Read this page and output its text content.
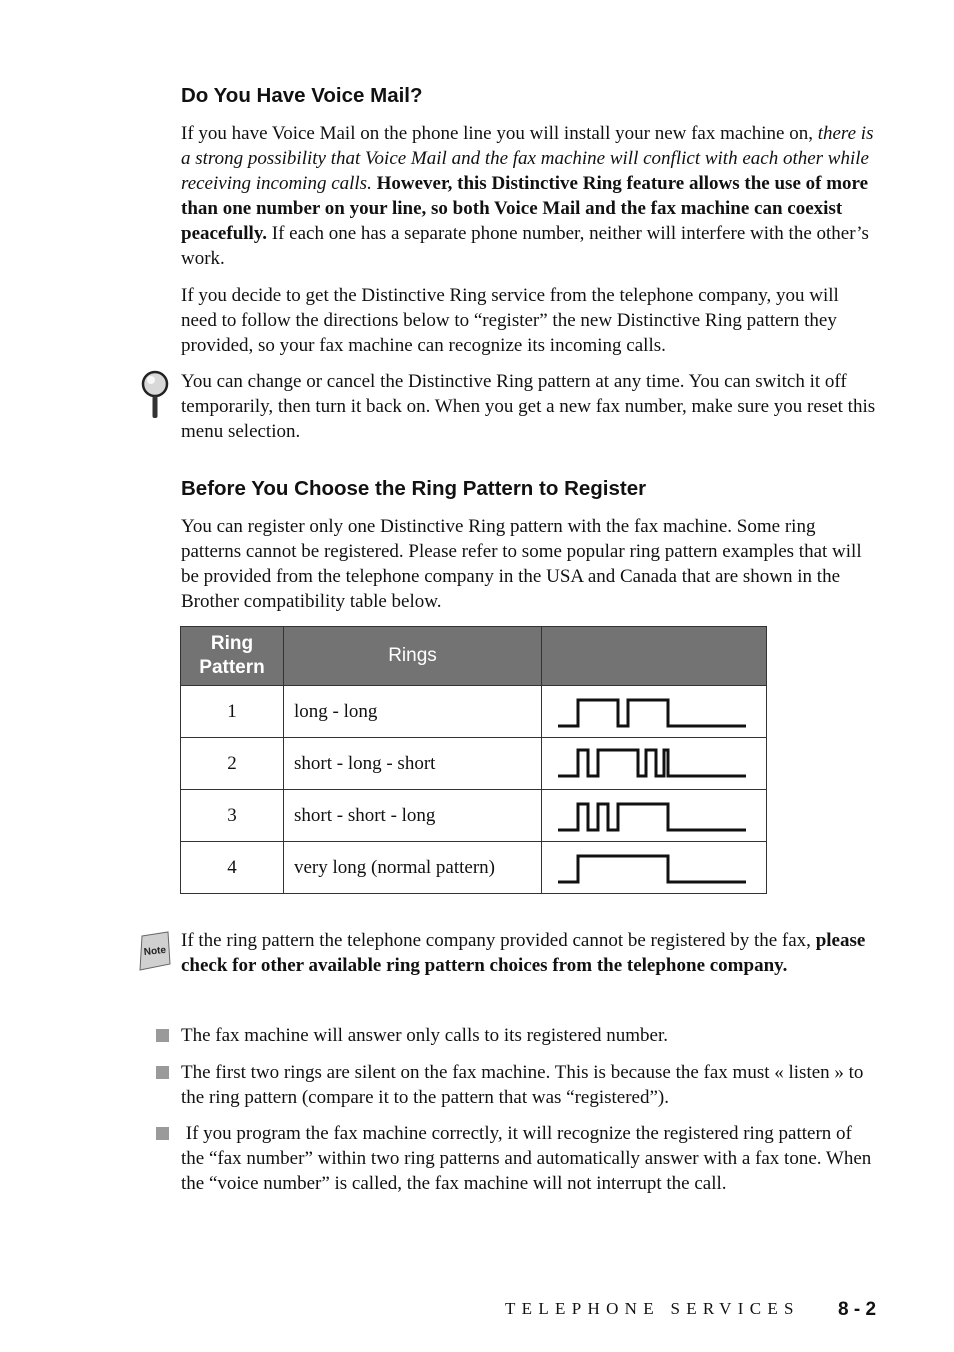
Do You Have Voice Mail?

If you have Voice Mail on the phone line you will install your new fax machine on, there is a strong possibility that Voice Mail and the fax machine will conflict with each other while receiving incoming calls. However, this Distinctive Ring feature allows the use of more than one number on your line, so both Voice Mail and the fax machine can coexist peacefully. If each one has a separate phone number, neither will interfere with the other’s work.

If you decide to get the Distinctive Ring service from the telephone company, you will need to follow the directions below to “register” the new Distinctive Ring pattern they provided, so your fax machine can recognize its incoming calls.

You can change or cancel the Distinctive Ring pattern at any time. You can switch it off temporarily, then turn it back on. When you get a new fax number, make sure you reset this menu selection.

Before You Choose the Ring Pattern to Register

You can register only one Distinctive Ring pattern with the fax machine. Some ring patterns cannot be registered. Please refer to some popular ring pattern examples that will be provided from the telephone company in the USA and Canada that are shown in the Brother compatibility table below.

Ring Pattern	Rings	
1	long - long	

2	short - long - short	

3	short - short - long	

4	very long (normal pattern)	
Note

If the ring pattern the telephone company provided cannot be registered by the fax, please check for other available ring pattern choices from the telephone company.

The fax machine will answer only calls to its registered number.

The first two rings are silent on the fax machine. This is because the fax must « listen » to the ring pattern (compare it to the pattern that was “registered”).

If you program the fax machine correctly, it will recognize the registered ring pattern of the “fax number” within two ring patterns and automatically answer with a fax tone. When the “voice number” is called, the fax machine will not interrupt the call.

TELEPHONE SERVICES 8 - 2
